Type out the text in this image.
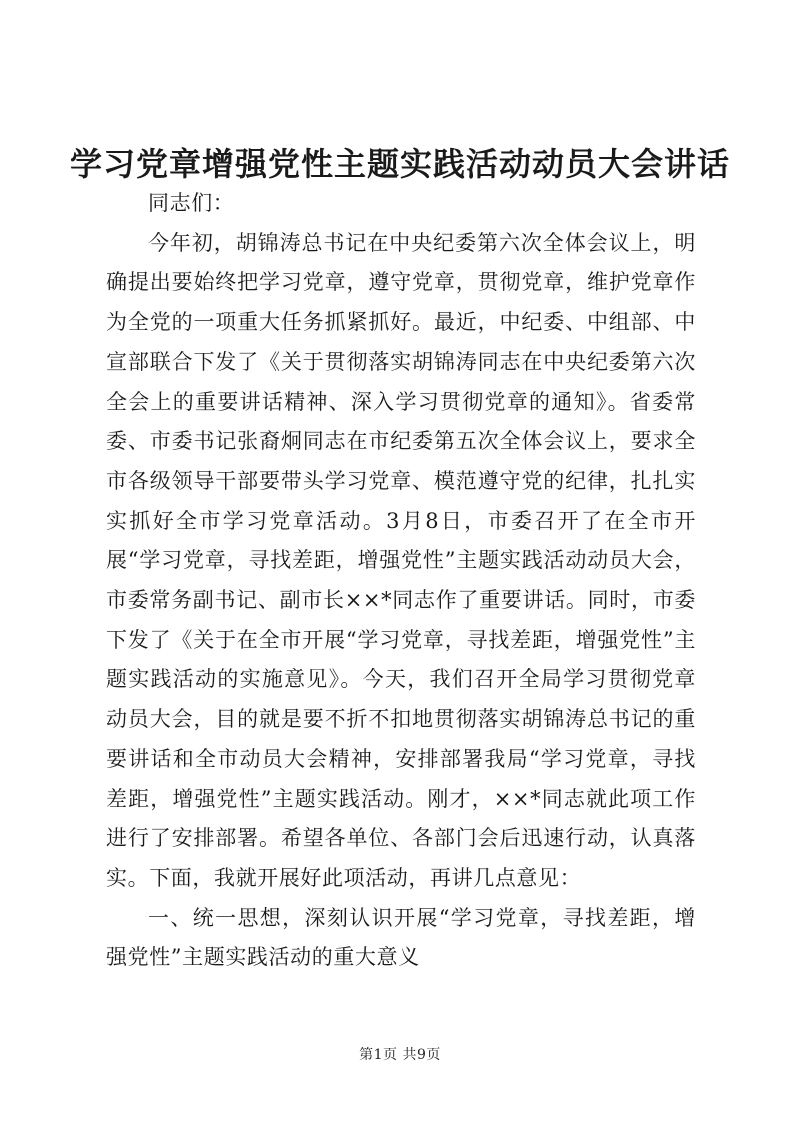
学习党章增强党性主题实践活动动员大会讲话

同志们：

今年初，胡锦涛总书记在中央纪委第六次全体会议上，明确提出要始终把学习党章，遵守党章，贯彻党章，维护党章作为全党的一项重大任务抓紧抓好。最近，中纪委、中组部、中宣部联合下发了《关于贯彻落实胡锦涛同志在中央纪委第六次全会上的重要讲话精神、深入学习贯彻党章的通知》。省委常委、市委书记张裔炯同志在市纪委第五次全体会议上，要求全市各级领导干部要带头学习党章、模范遵守党的纪律，扎扎实实抓好全市学习党章活动。3月8日，市委召开了在全市开展“学习党章，寻找差距，增强党性”主题实践活动动员大会，市委常务副书记、副市长××*同志作了重要讲话。同时，市委下发了《关于在全市开展“学习党章，寻找差距，增强党性”主题实践活动的实施意见》。今天，我们召开全局学习贯彻党章动员大会，目的就是要不折不扣地贯彻落实胡锦涛总书记的重要讲话和全市动员大会精神，安排部署我局“学习党章，寻找差距，增强党性”主题实践活动。刚才，××*同志就此项工作进行了安排部署。希望各单位、各部门会后迅速行动，认真落实。下面，我就开展好此项活动，再讲几点意见：

一、统一思想，深刻认识开展“学习党章，寻找差距，增强党性”主题实践活动的重大意义

第1页 共9页
